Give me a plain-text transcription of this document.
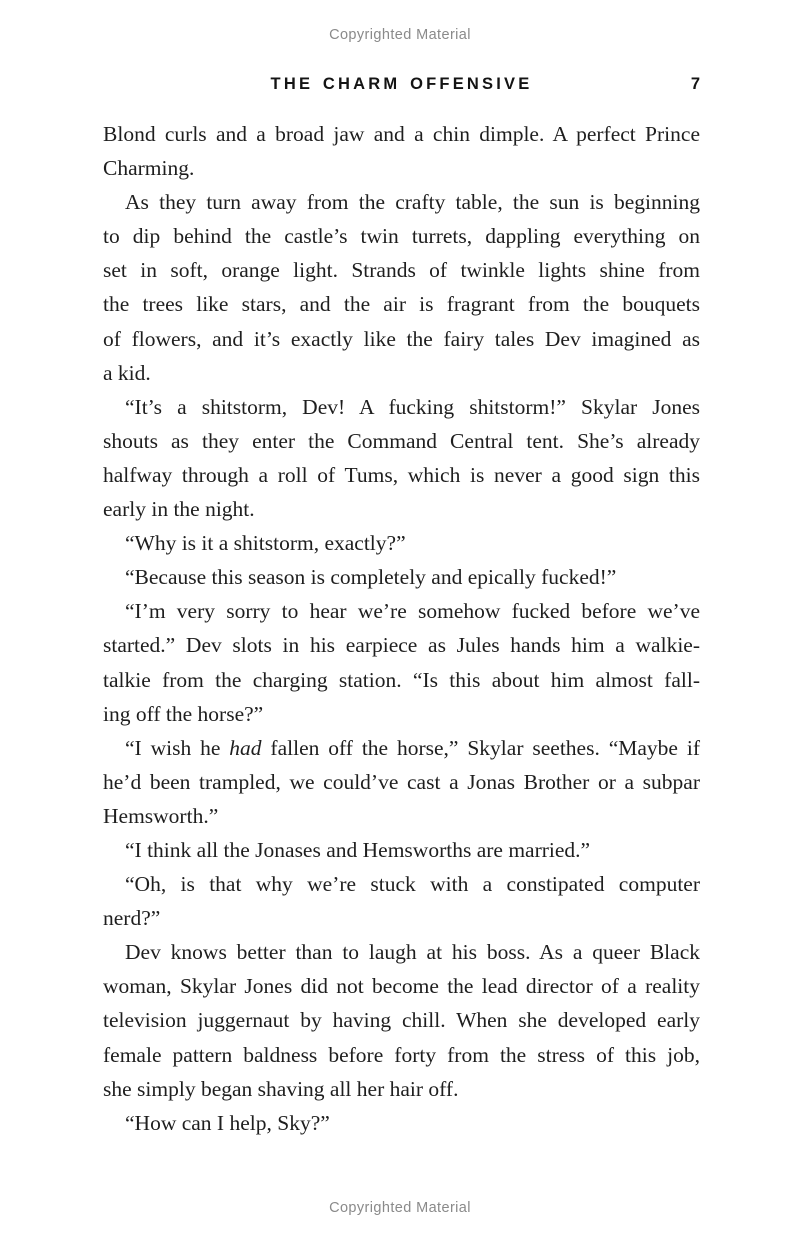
Copyrighted Material
THE CHARM OFFENSIVE	7
Blond curls and a broad jaw and a chin dimple. A perfect Prince
Charming.
As they turn away from the crafty table, the sun is beginning
to dip behind the castle’s twin turrets, dappling everything on
set in soft, orange light. Strands of twinkle lights shine from
the trees like stars, and the air is fragrant from the bouquets
of flowers, and it’s exactly like the fairy tales Dev imagined as
a kid.
“It’s a shitstorm, Dev! A fucking shitstorm!” Skylar Jones
shouts as they enter the Command Central tent. She’s already
halfway through a roll of Tums, which is never a good sign this
early in the night.
“Why is it a shitstorm, exactly?”
“Because this season is completely and epically fucked!”
“I’m very sorry to hear we’re somehow fucked before we’ve
started.” Dev slots in his earpiece as Jules hands him a walkie-
talkie from the charging station. “Is this about him almost fall-
ing off the horse?”
“I wish he had fallen off the horse,” Skylar seethes. “Maybe if
he’d been trampled, we could’ve cast a Jonas Brother or a subpar
Hemsworth.”
“I think all the Jonases and Hemsworths are married.”
“Oh, is that why we’re stuck with a constipated computer
nerd?”
Dev knows better than to laugh at his boss. As a queer Black
woman, Skylar Jones did not become the lead director of a reality
television juggernaut by having chill. When she developed early
female pattern baldness before forty from the stress of this job,
she simply began shaving all her hair off.
“How can I help, Sky?”
Copyrighted Material
